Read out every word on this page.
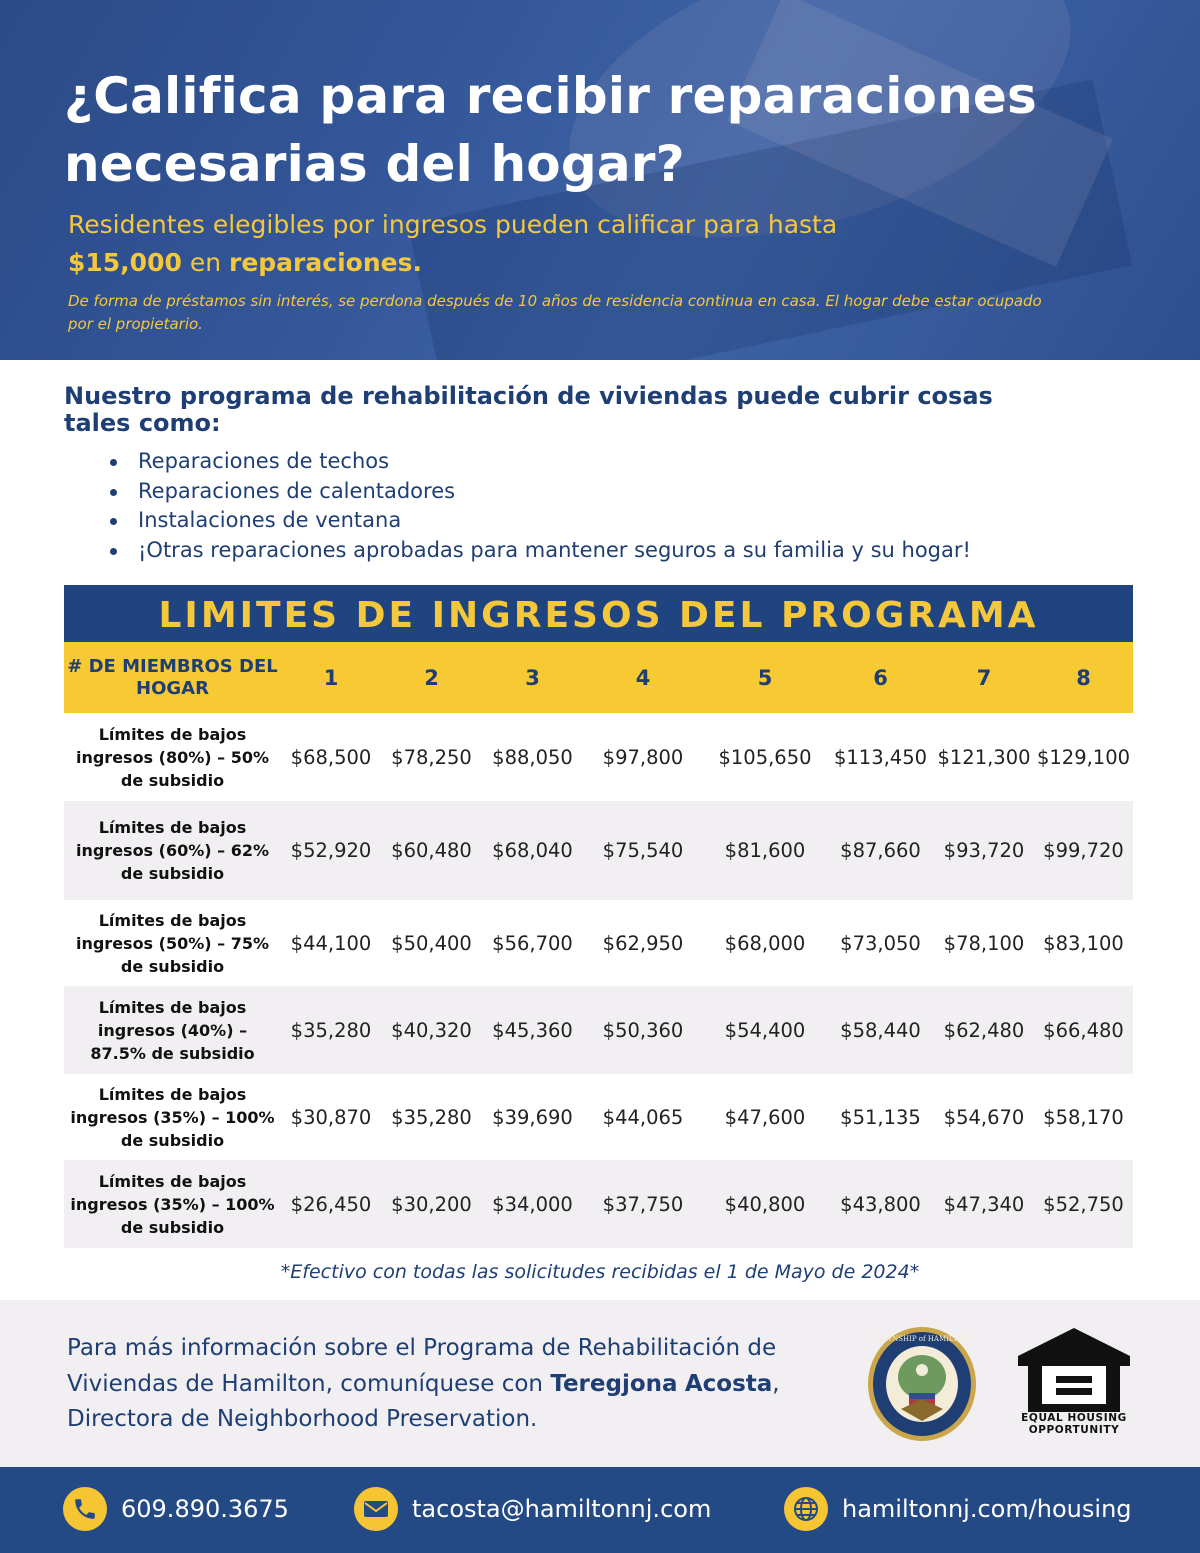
¿Califica para recibir reparaciones necesarias del hogar?
Residentes elegibles por ingresos pueden calificar para hasta
$15,000 en reparaciones.
De forma de préstamos sin interés, se perdona después de 10 años de residencia continua en casa. El hogar debe estar ocupado por el propietario.
Nuestro programa de rehabilitación de viviendas puede cubrir cosas tales como:
Reparaciones de techos
Reparaciones de calentadores
Instalaciones de ventana
¡Otras reparaciones aprobadas para mantener seguros a su familia y su hogar!
LIMITES DE INGRESOS DEL PROGRAMA
# DE MIEMBROS DEL HOGAR	1	2	3	4	5	6	7	8
Límites de bajos ingresos (80%) – 50% de subsidio
$68,500	$78,250	$88,050	$97,800	$105,650	$113,450 $121,300 $129,100
Límites de bajos ingresos (60%) – 62% de subsidio
$52,920	$60,480	$68,040	$75,540	$81,600	$87,660	$93,720 $99,720
Límites de bajos ingresos (50%) – 75% de subsidio
$44,100	$50,400	$56,700	$62,950	$68,000	$73,050	$78,100 $83,100
Límites de bajos ingresos (40%) – 87.5% de subsidio
$35,280	$40,320	$45,360	$50,360	$54,400	$58,440	$62,480 $66,480
Límites de bajos ingresos (35%) – 100% de subsidio
$30,870	$35,280	$39,690	$44,065	$47,600	$51,135	$54,670 $58,170
Límites de bajos ingresos (35%) – 100% de subsidio
$26,450	$30,200	$34,000	$37,750	$40,800	$43,800	$47,340 $52,750
*Efectivo con todas las solicitudes recibidas el 1 de Mayo de 2024*

Para más información sobre el Programa de Rehabilitación de Viviendas de Hamilton, comuníquese con Teregjona Acosta, Directora de Neighborhood Preservation.

TOWNSHIP of HAMILTON
EQUAL HOUSING
OPPORTUNITY
609.890.3675	tacosta@hamiltonnj.com	hamiltonnj.com/housing
